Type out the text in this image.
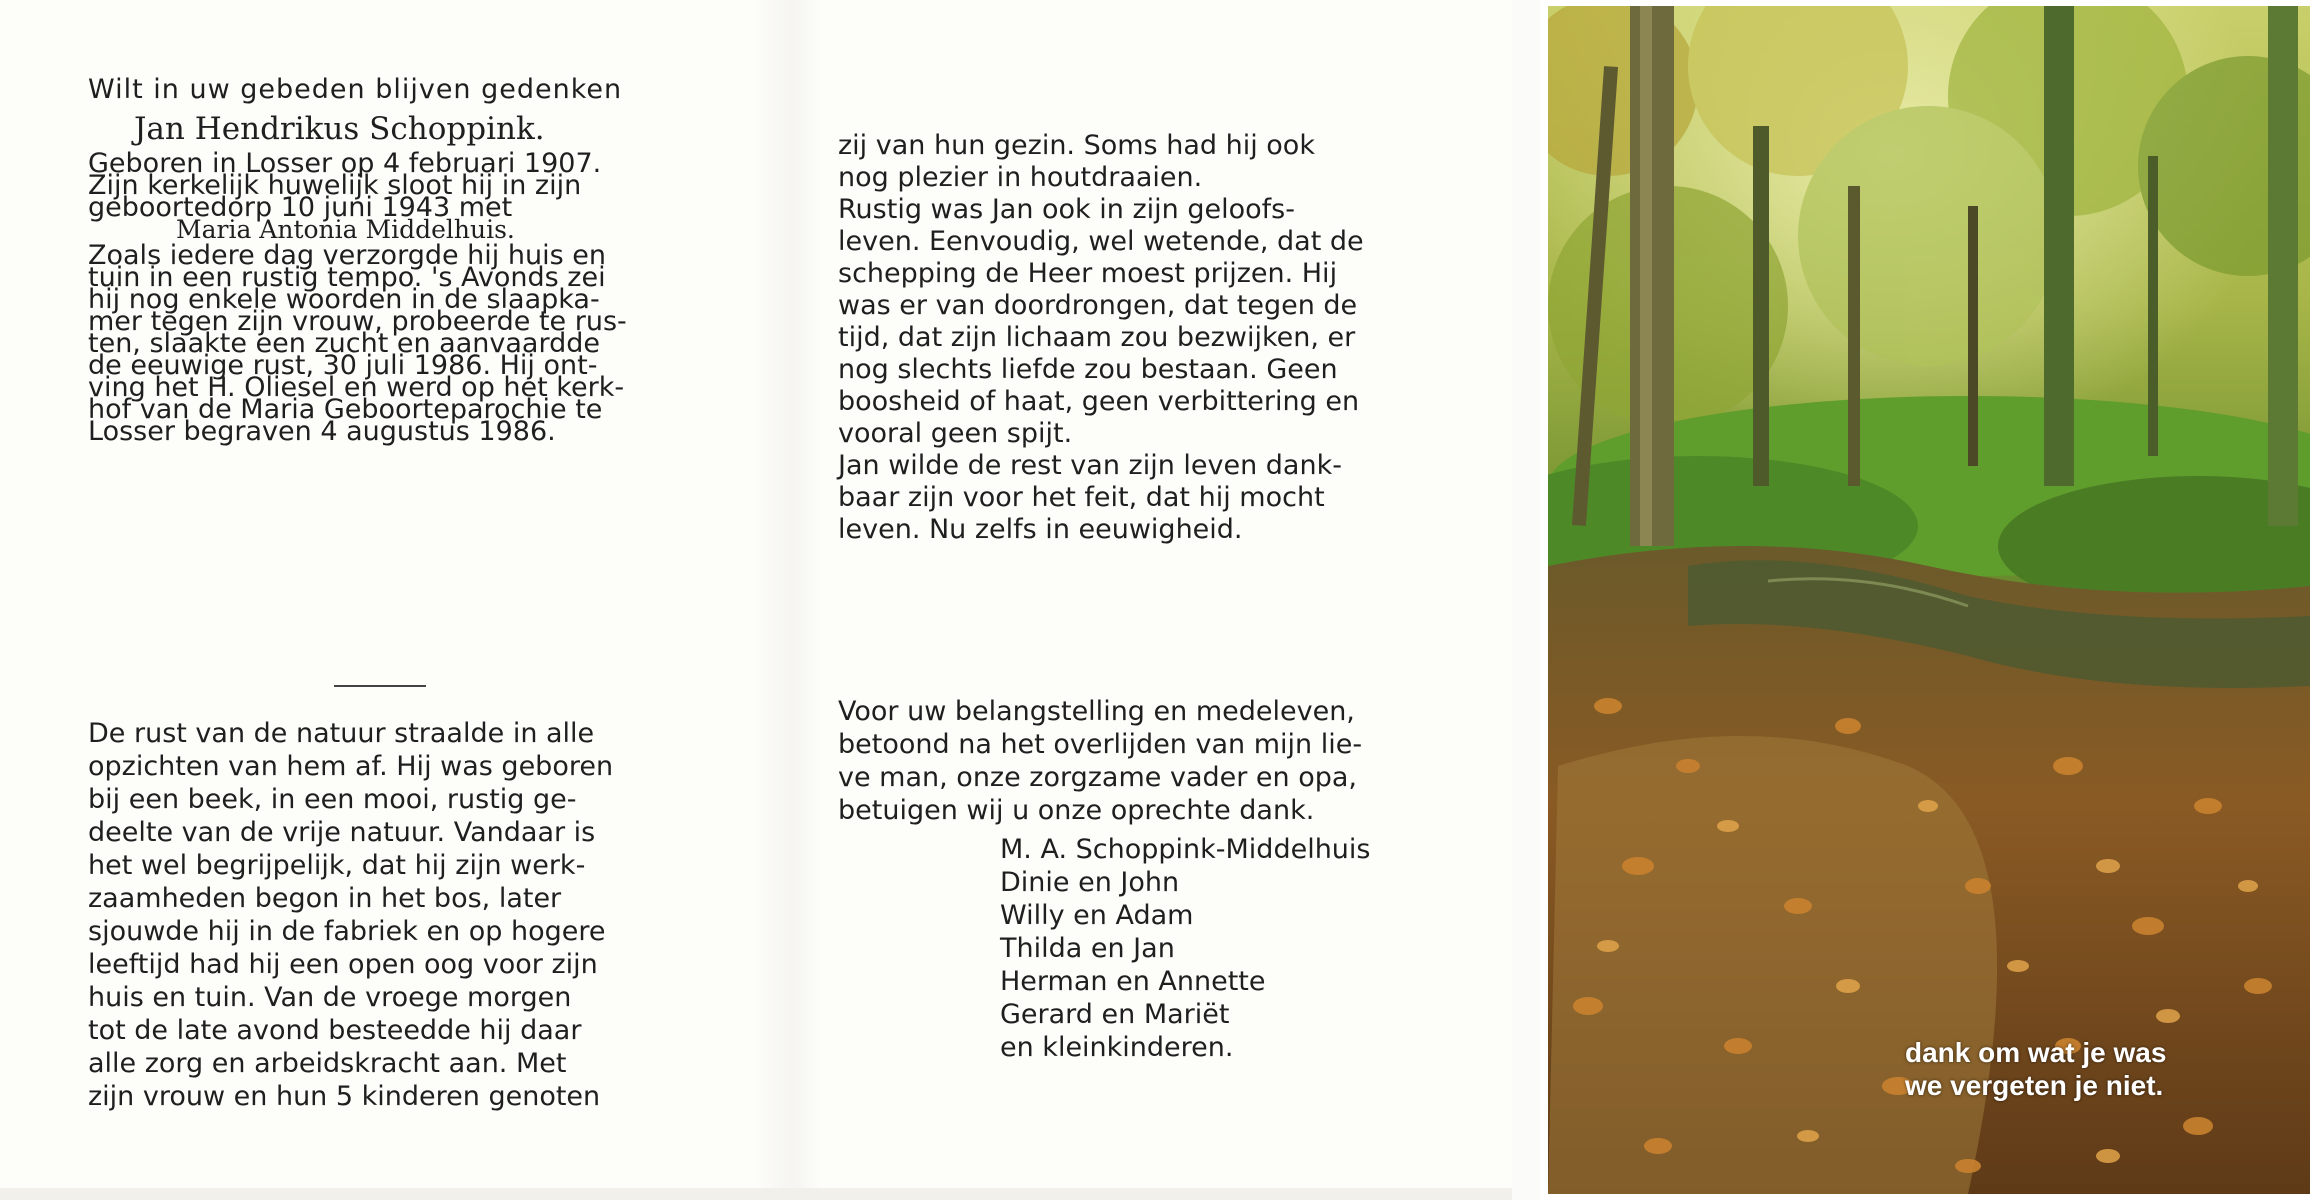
Wilt in uw gebeden blijven gedenken
Jan Hendrikus Schoppink.
Geboren in Losser op 4 februari 1907.
Zijn kerkelijk huwelijk sloot hij in zijn
geboortedorp 10 juni 1943 met
Maria Antonia Middelhuis.
Zoals iedere dag verzorgde hij huis en
tuin in een rustig tempo. 's Avonds zei
hij nog enkele woorden in de slaapka-
mer tegen zijn vrouw, probeerde te rus-
ten, slaakte een zucht en aanvaardde
de eeuwige rust, 30 juli 1986. Hij ont-
ving het H. Oliesel en werd op het kerk-
hof van de Maria Geboorteparochie te
Losser begraven 4 augustus 1986.
De rust van de natuur straalde in alle
opzichten van hem af. Hij was geboren
bij een beek, in een mooi, rustig ge-
deelte van de vrije natuur. Vandaar is
het wel begrijpelijk, dat hij zijn werk-
zaamheden begon in het bos, later
sjouwde hij in de fabriek en op hogere
leeftijd had hij een open oog voor zijn
huis en tuin. Van de vroege morgen
tot de late avond besteedde hij daar
alle zorg en arbeidskracht aan. Met
zijn vrouw en hun 5 kinderen genoten
zij van hun gezin. Soms had hij ook
nog plezier in houtdraaien.
Rustig was Jan ook in zijn geloofs-
leven. Eenvoudig, wel wetende, dat de
schepping de Heer moest prijzen. Hij
was er van doordrongen, dat tegen de
tijd, dat zijn lichaam zou bezwijken, er
nog slechts liefde zou bestaan. Geen
boosheid of haat, geen verbittering en
vooral geen spijt.
Jan wilde de rest van zijn leven dank-
baar zijn voor het feit, dat hij mocht
leven. Nu zelfs in eeuwigheid.
Voor uw belangstelling en medeleven,
betoond na het overlijden van mijn lie-
ve man, onze zorgzame vader en opa,
betuigen wij u onze oprechte dank.
M. A. Schoppink-Middelhuis
Dinie en John
Willy en Adam
Thilda en Jan
Herman en Annette
Gerard en Mariët
en kleinkinderen.	dank om wat je was
we vergeten je niet.
